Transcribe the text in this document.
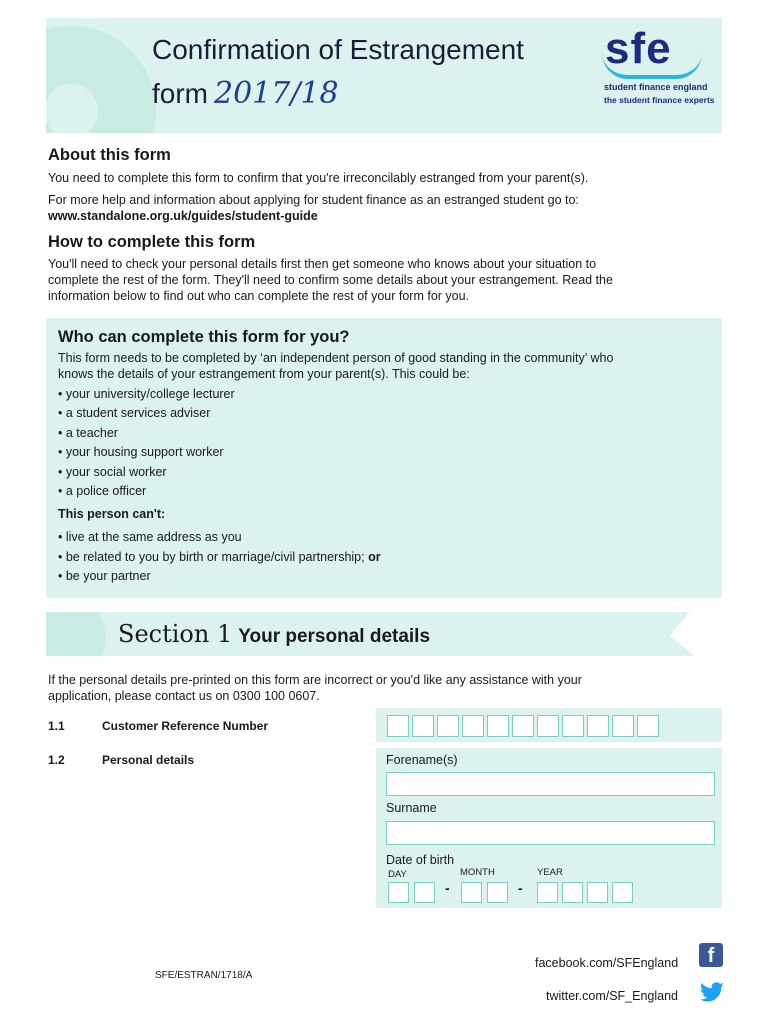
Confirmation of Estrangement
form 2017/18
sfe
student finance england
the student finance experts
About this form

You need to complete this form to confirm that you're irreconcilably estranged from your parent(s).

For more help and information about applying for student finance as an estranged student go to:

www.standalone.org.uk/guides/student-guide

How to complete this form

You'll need to check your personal details first then get someone who knows about your situation to

complete the rest of the form. They'll need to confirm some details about your estrangement. Read the

information below to find out who can complete the rest of your form for you.

Who can complete this form for you?
This form needs to be completed by ‘an independent person of good standing in the community’ who
knows the details of your estrangement from your parent(s). This could be:
• your university/college lecturer
• a student services adviser
• a teacher
• your housing support worker
• your social worker
• a police officer
This person can't:
• live at the same address as you
• be related to you by birth or marriage/civil partnership; or
• be your partner
Section 1 Your personal details

If the personal details pre-printed on this form are incorrect or you'd like any assistance with your

application, please contact us on 0300 100 0607.

1.1	Customer Reference Number
1.2	Personal details	Forename(s)
Surname
Date of birth
DAY	MONTH	YEAR
-	-
SFE/ESTRAN/1718/A
facebook.com/SFEngland	f
twitter.com/SF_England
